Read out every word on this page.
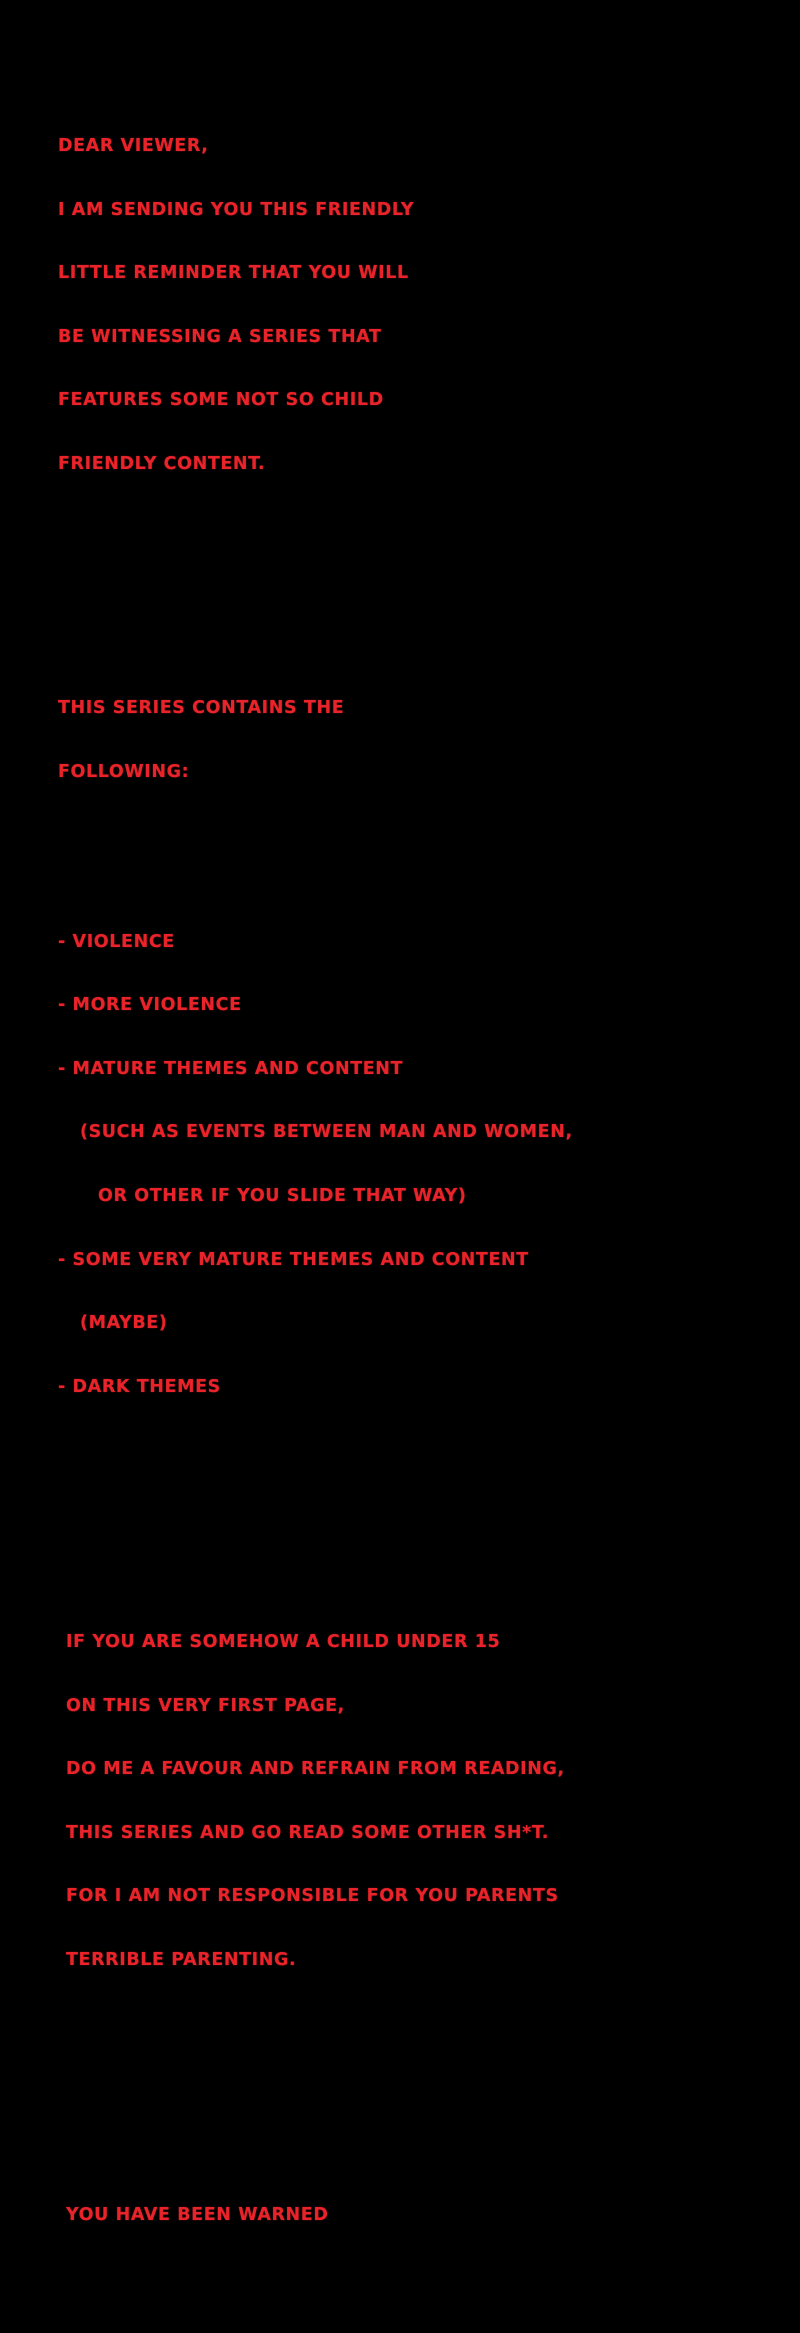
DEAR VIEWER,

I AM SENDING YOU THIS FRIENDLY

LITTLE REMINDER THAT YOU WILL

BE WITNESSING A SERIES THAT

FEATURES SOME NOT SO CHILD

FRIENDLY CONTENT.

THIS SERIES CONTAINS THE

FOLLOWING:

- VIOLENCE

- MORE VIOLENCE

- MATURE THEMES AND CONTENT

(SUCH AS EVENTS BETWEEN MAN AND WOMEN,

OR OTHER IF YOU SLIDE THAT WAY)

- SOME VERY MATURE THEMES AND CONTENT

(MAYBE)

- DARK THEMES

IF YOU ARE SOMEHOW A CHILD UNDER 15

ON THIS VERY FIRST PAGE,

DO ME A FAVOUR AND REFRAIN FROM READING,

THIS SERIES AND GO READ SOME OTHER SH*T.

FOR I AM NOT RESPONSIBLE FOR YOU PARENTS

TERRIBLE PARENTING.

YOU HAVE BEEN WARNED
